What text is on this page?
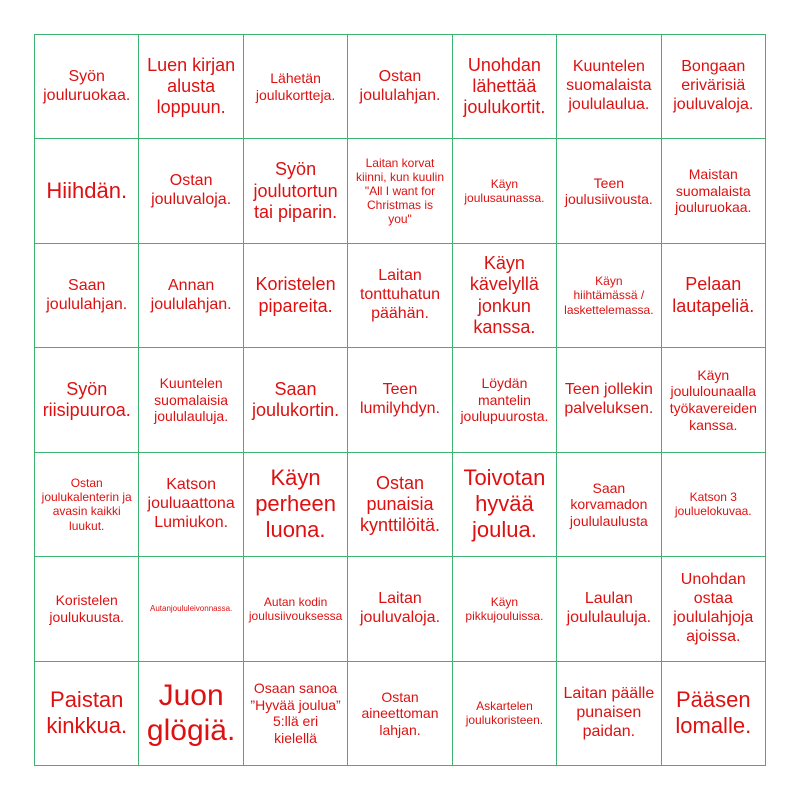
Syön jouluruokaa.
Luen kirjan alusta loppuun.
Lähetän joulukortteja.
Ostan joululahjan.
Unohdan lähettää joulukortit.
Kuuntelen suomalaista joululaulua.
Bongaan erivärisiä jouluvaloja.
Hiihdän.	Ostan jouluvaloja.
Syön joulutortun tai piparin.
Laitan korvat kiinni, kun kuulin "All I want for Christmas is you"
Käyn joulusaunassa.
Teen joulusiivousta.
Maistan suomalaista jouluruokaa.
Saan joululahjan.
Annan joululahjan.
Koristelen pipareita.
Laitan tonttuhatun päähän.
Käyn kävelyllä jonkun kanssa.
Käyn hiihtämässä / laskettelemassa.
Pelaan lautapeliä.
Syön riisipuuroa.
Kuuntelen suomalaisia joululauluja.
Saan joulukortin.
Teen lumilyhdyn.
Löydän mantelin joulupuurosta.
Teen jollekin palveluksen.
Käyn joululounaalla työkavereiden kanssa.
Ostan joulukalenterin ja avasin kaikki luukut.
Katson jouluaattona Lumiukon.
Käyn perheen luona.
Ostan punaisia kynttilöitä.
Toivotan hyvää joulua.
Saan korvamadon joululaulusta
Katson 3 jouluelokuvaa.
Koristelen joulukuusta.
Autanjoululeivonnassa.	Autan kodin joulusiivouksessa
Laitan jouluvaloja.
Käyn pikkujouluissa.
Laulan joululauluja.
Unohdan ostaa joululahjoja ajoissa.
Paistan kinkkua.
Juon glögiä.
Osaan sanoa ”Hyvää joulua” 5:llä eri kielellä
Ostan aineettoman lahjan.
Askartelen joulukoristeen.
Laitan päälle punaisen paidan.
Pääsen lomalle.
